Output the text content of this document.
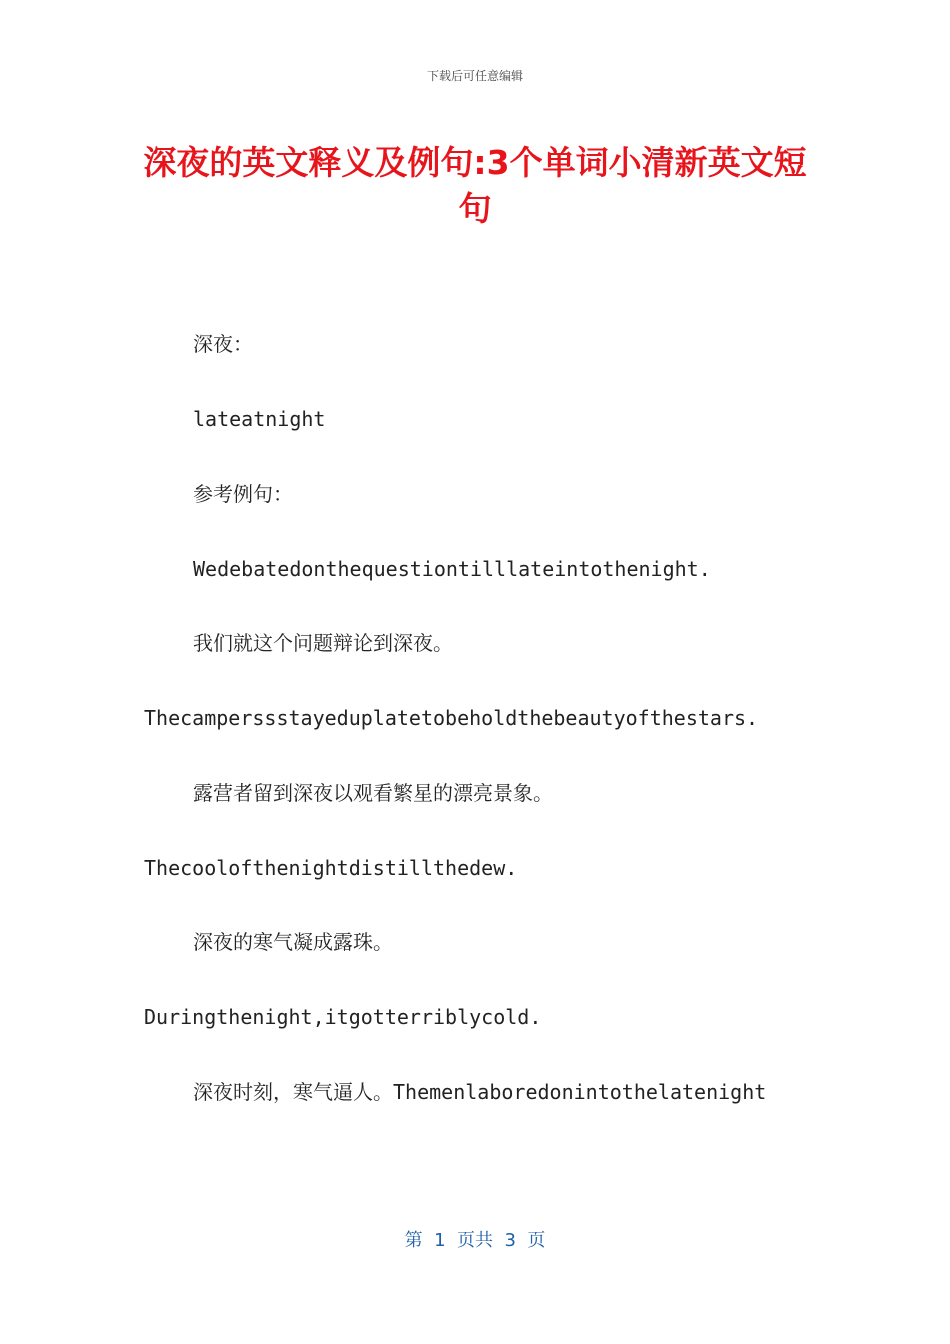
下载后可任意编辑
深夜的英文释义及例句:3个单词小清新英文短句
深夜：
lateatnight
参考例句：
Wedebatedonthequestiontilllateintothenight.
我们就这个问题辩论到深夜。
Thecamperssstayeduplatetobeholdthebeautyofthestars.
露营者留到深夜以观看繁星的漂亮景象。
Thecoolofthenightdistillthedew.
深夜的寒气凝成露珠。
Duringthenight,itgotterriblycold.
深夜时刻，寒气逼人。Themenlaboredonintothelatenight
第  1  页共  3  页
